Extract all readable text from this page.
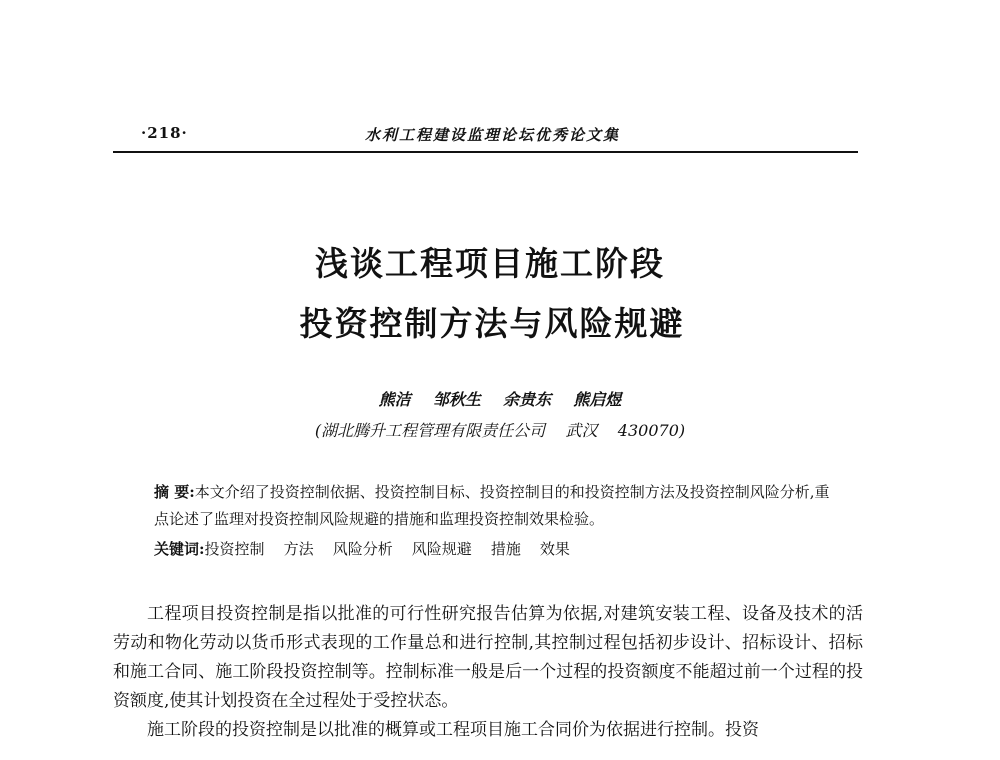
·218·	水利工程建设监理论坛优秀论文集
浅谈工程项目施工阶段
投资控制方法与风险规避
熊洁    邹秋生    余贵东    熊启煜
(湖北腾升工程管理有限责任公司    武汉    430070)
摘 要:本文介绍了投资控制依据、投资控制目标、投资控制目的和投资控制方法及投资控制风险分析,重点论述了监理对投资控制风险规避的措施和监理投资控制效果检验。
关键词:投资控制    方法    风险分析    风险规避    措施    效果

工程项目投资控制是指以批准的可行性研究报告估算为依据,对建筑安装工程、设备及技术的活劳动和物化劳动以货币形式表现的工作量总和进行控制,其控制过程包括初步设计、招标设计、招标和施工合同、施工阶段投资控制等。控制标准一般是后一个过程的投资额度不能超过前一个过程的投资额度,使其计划投资在全过程处于受控状态。

施工阶段的投资控制是以批准的概算或工程项目施工合同价为依据进行控制。投资
